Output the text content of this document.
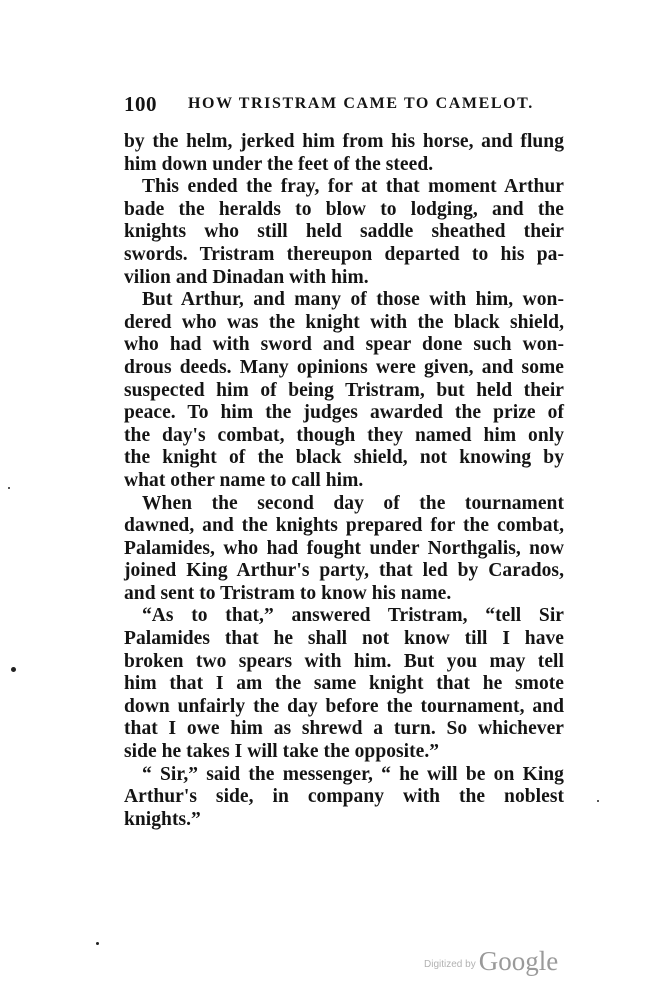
100 HOW TRISTRAM CAME TO CAMELOT.
by the helm, jerked him from his horse, and flung
him down under the feet of the steed.
This ended the fray, for at that moment Arthur
bade the heralds to blow to lodging, and the
knights who still held saddle sheathed their
swords. Tristram thereupon departed to his pa-
vilion and Dinadan with him.
But Arthur, and many of those with him, won-
dered who was the knight with the black shield,
who had with sword and spear done such won-
drous deeds. Many opinions were given, and some
suspected him of being Tristram, but held their
peace. To him the judges awarded the prize of
the day's combat, though they named him only
the knight of the black shield, not knowing by
what other name to call him.
When the second day of the tournament
dawned, and the knights prepared for the combat,
Palamides, who had fought under Northgalis, now
joined King Arthur's party, that led by Carados,
and sent to Tristram to know his name.
“As to that,” answered Tristram, “tell Sir
Palamides that he shall not know till I have
broken two spears with him. But you may tell
him that I am the same knight that he smote
down unfairly the day before the tournament, and
that I owe him as shrewd a turn. So whichever
side he takes I will take the opposite.”
“ Sir,” said the messenger, “ he will be on King
Arthur's side, in company with the noblest
knights.”
Digitized by Google
